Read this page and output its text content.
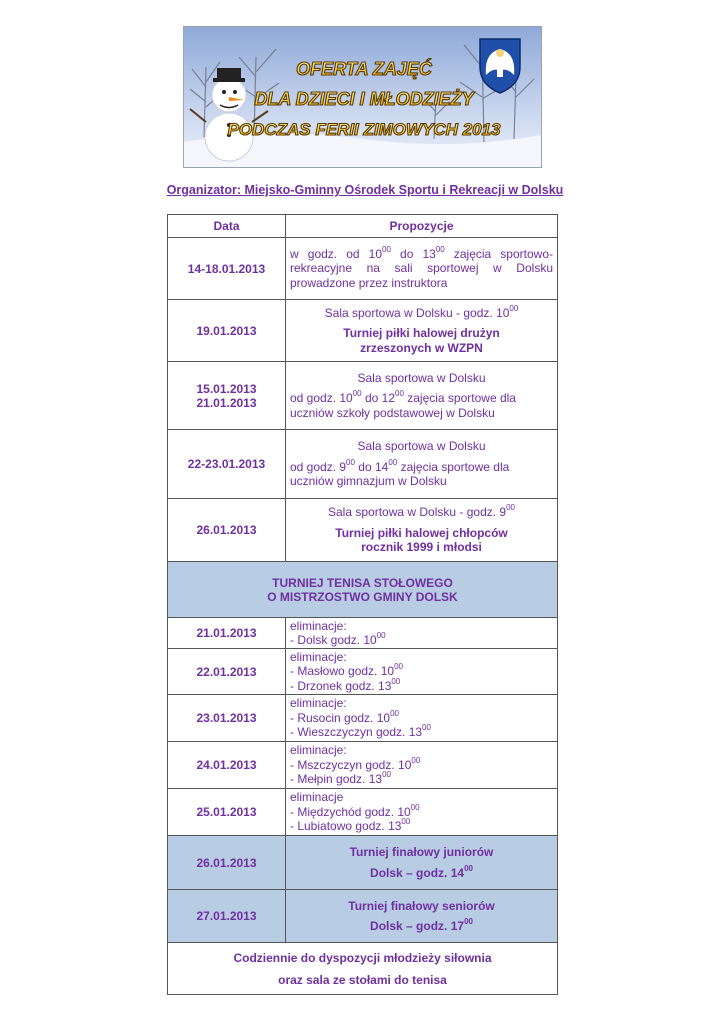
OFERTA ZAJĘĆ
DLA DZIECI I MŁODZIEŻY
PODCZAS FERII ZIMOWYCH 2013
Organizator: Miejsko-Gminny Ośrodek Sportu i Rekreacji w Dolsku
Data	Propozycje
14-18.01.2013	w godz. od $10^{00}$ do $13^{00}$ zajęcia sportowo-rekreacyjne na sali sportowej w Dolsku prowadzone przez instruktora
19.01.2013	Sala sportowa w Dolsku - godz. $10^{00}$
Turniej piłki halowej drużyn
zrzeszonych w WZPN
15.01.2013
21.01.2013	Sala sportowa w Dolsku
od godz. $10^{00}$ do $12^{00}$ zajęcia sportowe dla uczniów szkoły podstawowej w Dolsku
22-23.01.2013	Sala sportowa w Dolsku
od godz. $9^{00}$ do $14^{00}$ zajęcia sportowe dla uczniów gimnazjum w Dolsku
26.01.2013	Sala sportowa w Dolsku - godz. $9^{00}$
Turniej piłki halowej chłopców
rocznik 1999 i młodsi
TURNIEJ TENISA STOŁOWEGO
O MISTRZOSTWO GMINY DOLSK	
21.01.2013	eliminacje:
- Dolsk godz. $10^{00}$
22.01.2013	eliminacje:
- Masłowo godz. $10^{00}$
- Drzonek godz. $13^{00}$
23.01.2013	eliminacje:
- Rusocin godz. $10^{00}$
- Wieszczyczyn godz. $13^{00}$
24.01.2013	eliminacje:
- Mszczyczyn godz. $10^{00}$
- Mełpin godz. $13^{00}$
25.01.2013	eliminacje
- Międzychód godz. $10^{00}$
- Lubiatowo godz. $13^{00}$
26.01.2013	Turniej finałowy juniorów

Dolsk – godz. $14^{00}$
27.01.2013	Turniej finałowy seniorów

Dolsk – godz. $17^{00}$
Codziennie do dyspozycji młodzieży siłownia
oraz sala ze stołami do tenisa	
